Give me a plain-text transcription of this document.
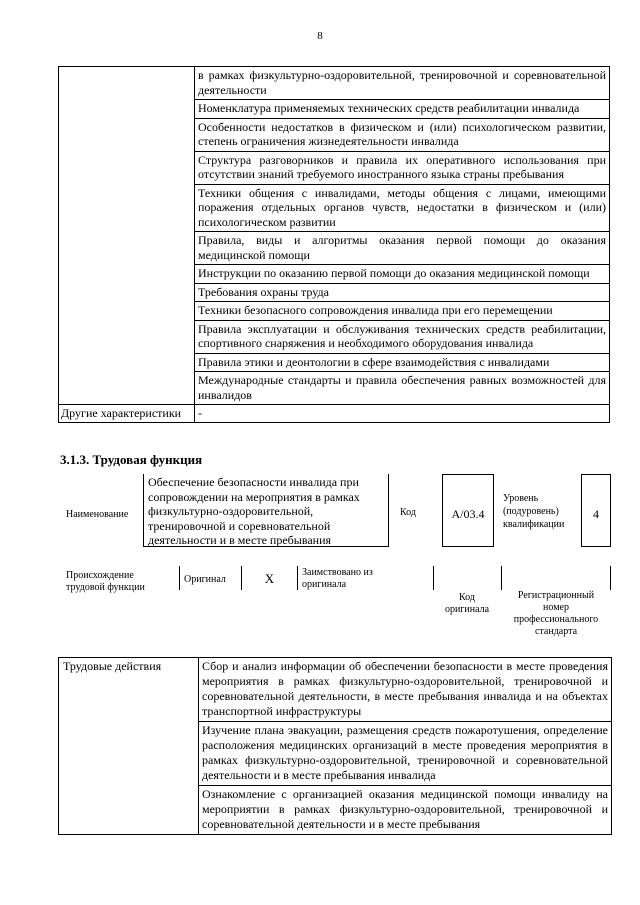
8
	в рамках физкультурно-оздоровительной, тренировочной и соревновательной деятельности
	Номенклатура применяемых технических средств реабилитации инвалида
	Особенности недостатков в физическом и (или) психологическом развитии, степень ограничения жизнедеятельности инвалида
	Структура разговорников и правила их оперативного использования при отсутствии знаний требуемого иностранного языка страны пребывания
	Техники общения с инвалидами, методы общения с лицами, имеющими поражения отдельных органов чувств, недостатки в физическом и (или) психологическом развитии
	Правила, виды и алгоритмы оказания первой помощи до оказания медицинской помощи
	Инструкции по оказанию первой помощи до оказания медицинской помощи
	Требования охраны труда
	Техники безопасного сопровождения инвалида при его перемещении
	Правила эксплуатации и обслуживания технических средств реабилитации, спортивного снаряжения и необходимого оборудования инвалида
	Правила этики и деонтологии в сфере взаимодействия с инвалидами
	Международные стандарты и правила обеспечения равных возможностей для инвалидов
Другие характеристики	-
3.1.3. Трудовая функция
Наименование
Обеспечение безопасности инвалида при сопровождении на мероприятия в рамках физкультурно-оздоровительной, тренировочной и соревновательной деятельности и в месте пребывания
Код	A/03.4
Уровень
(подуровень)
квалификации
4
Происхождение
трудовой функции
Оригинал	X	Заимствовано из
оригинала
Код
оригинала
Регистрационный
номер
профессионального
стандарта
Трудовые действия	Сбор и анализ информации об обеспечении безопасности в месте проведения мероприятия в рамках физкультурно-оздоровительной, тренировочной и соревновательной деятельности, в месте пребывания инвалида и на объектах транспортной инфраструктуры
Изучение плана эвакуации, размещения средств пожаротушения, определение расположения медицинских организаций в месте проведения мероприятия в рамках физкультурно-оздоровительной, тренировочной и соревновательной деятельности и в месте пребывания инвалида
Ознакомление с организацией оказания медицинской помощи инвалиду на мероприятии в рамках физкультурно-оздоровительной, тренировочной и соревновательной деятельности и в месте пребывания
